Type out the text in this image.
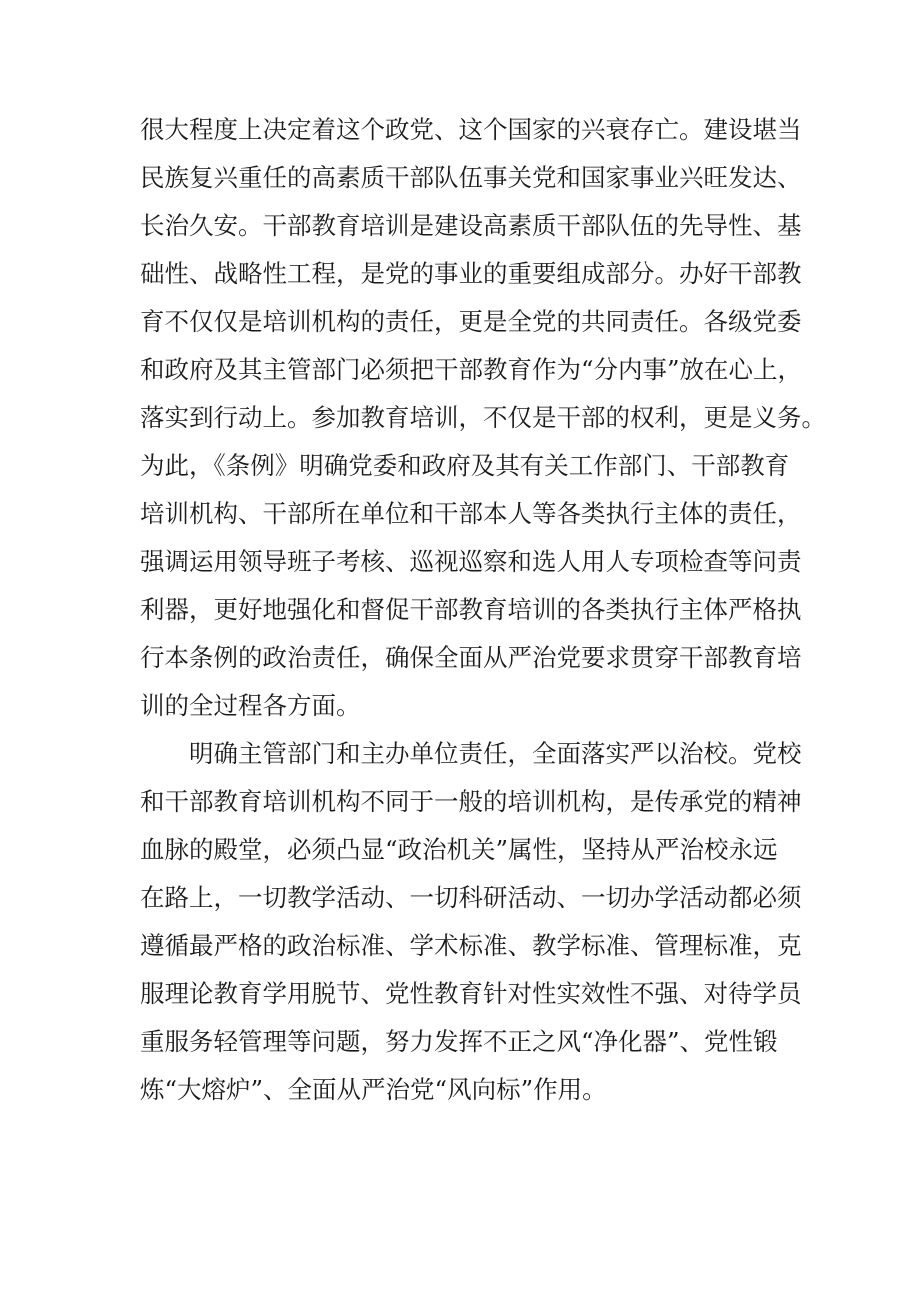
很大程度上决定着这个政党、这个国家的兴衰存亡。建设堪当
民族复兴重任的高素质干部队伍事关党和国家事业兴旺发达、
长治久安。干部教育培训是建设高素质干部队伍的先导性、基
础性、战略性工程，是党的事业的重要组成部分。办好干部教
育不仅仅是培训机构的责任，更是全党的共同责任。各级党委
和政府及其主管部门必须把干部教育作为“分内事”放在心上，
落实到行动上。参加教育培训，不仅是干部的权利，更是义务。
为此，《条例》明确党委和政府及其有关工作部门、干部教育
培训机构、干部所在单位和干部本人等各类执行主体的责任，
强调运用领导班子考核、巡视巡察和选人用人专项检查等问责
利器，更好地强化和督促干部教育培训的各类执行主体严格执
行本条例的政治责任，确保全面从严治党要求贯穿干部教育培
训的全过程各方面。
明确主管部门和主办单位责任，全面落实严以治校。党校
和干部教育培训机构不同于一般的培训机构，是传承党的精神
血脉的殿堂，必须凸显“政治机关”属性，坚持从严治校永远
在路上，一切教学活动、一切科研活动、一切办学活动都必须
遵循最严格的政治标准、学术标准、教学标准、管理标准，克
服理论教育学用脱节、党性教育针对性实效性不强、对待学员
重服务轻管理等问题，努力发挥不正之风“净化器”、党性锻
炼“大熔炉”、全面从严治党“风向标”作用。
